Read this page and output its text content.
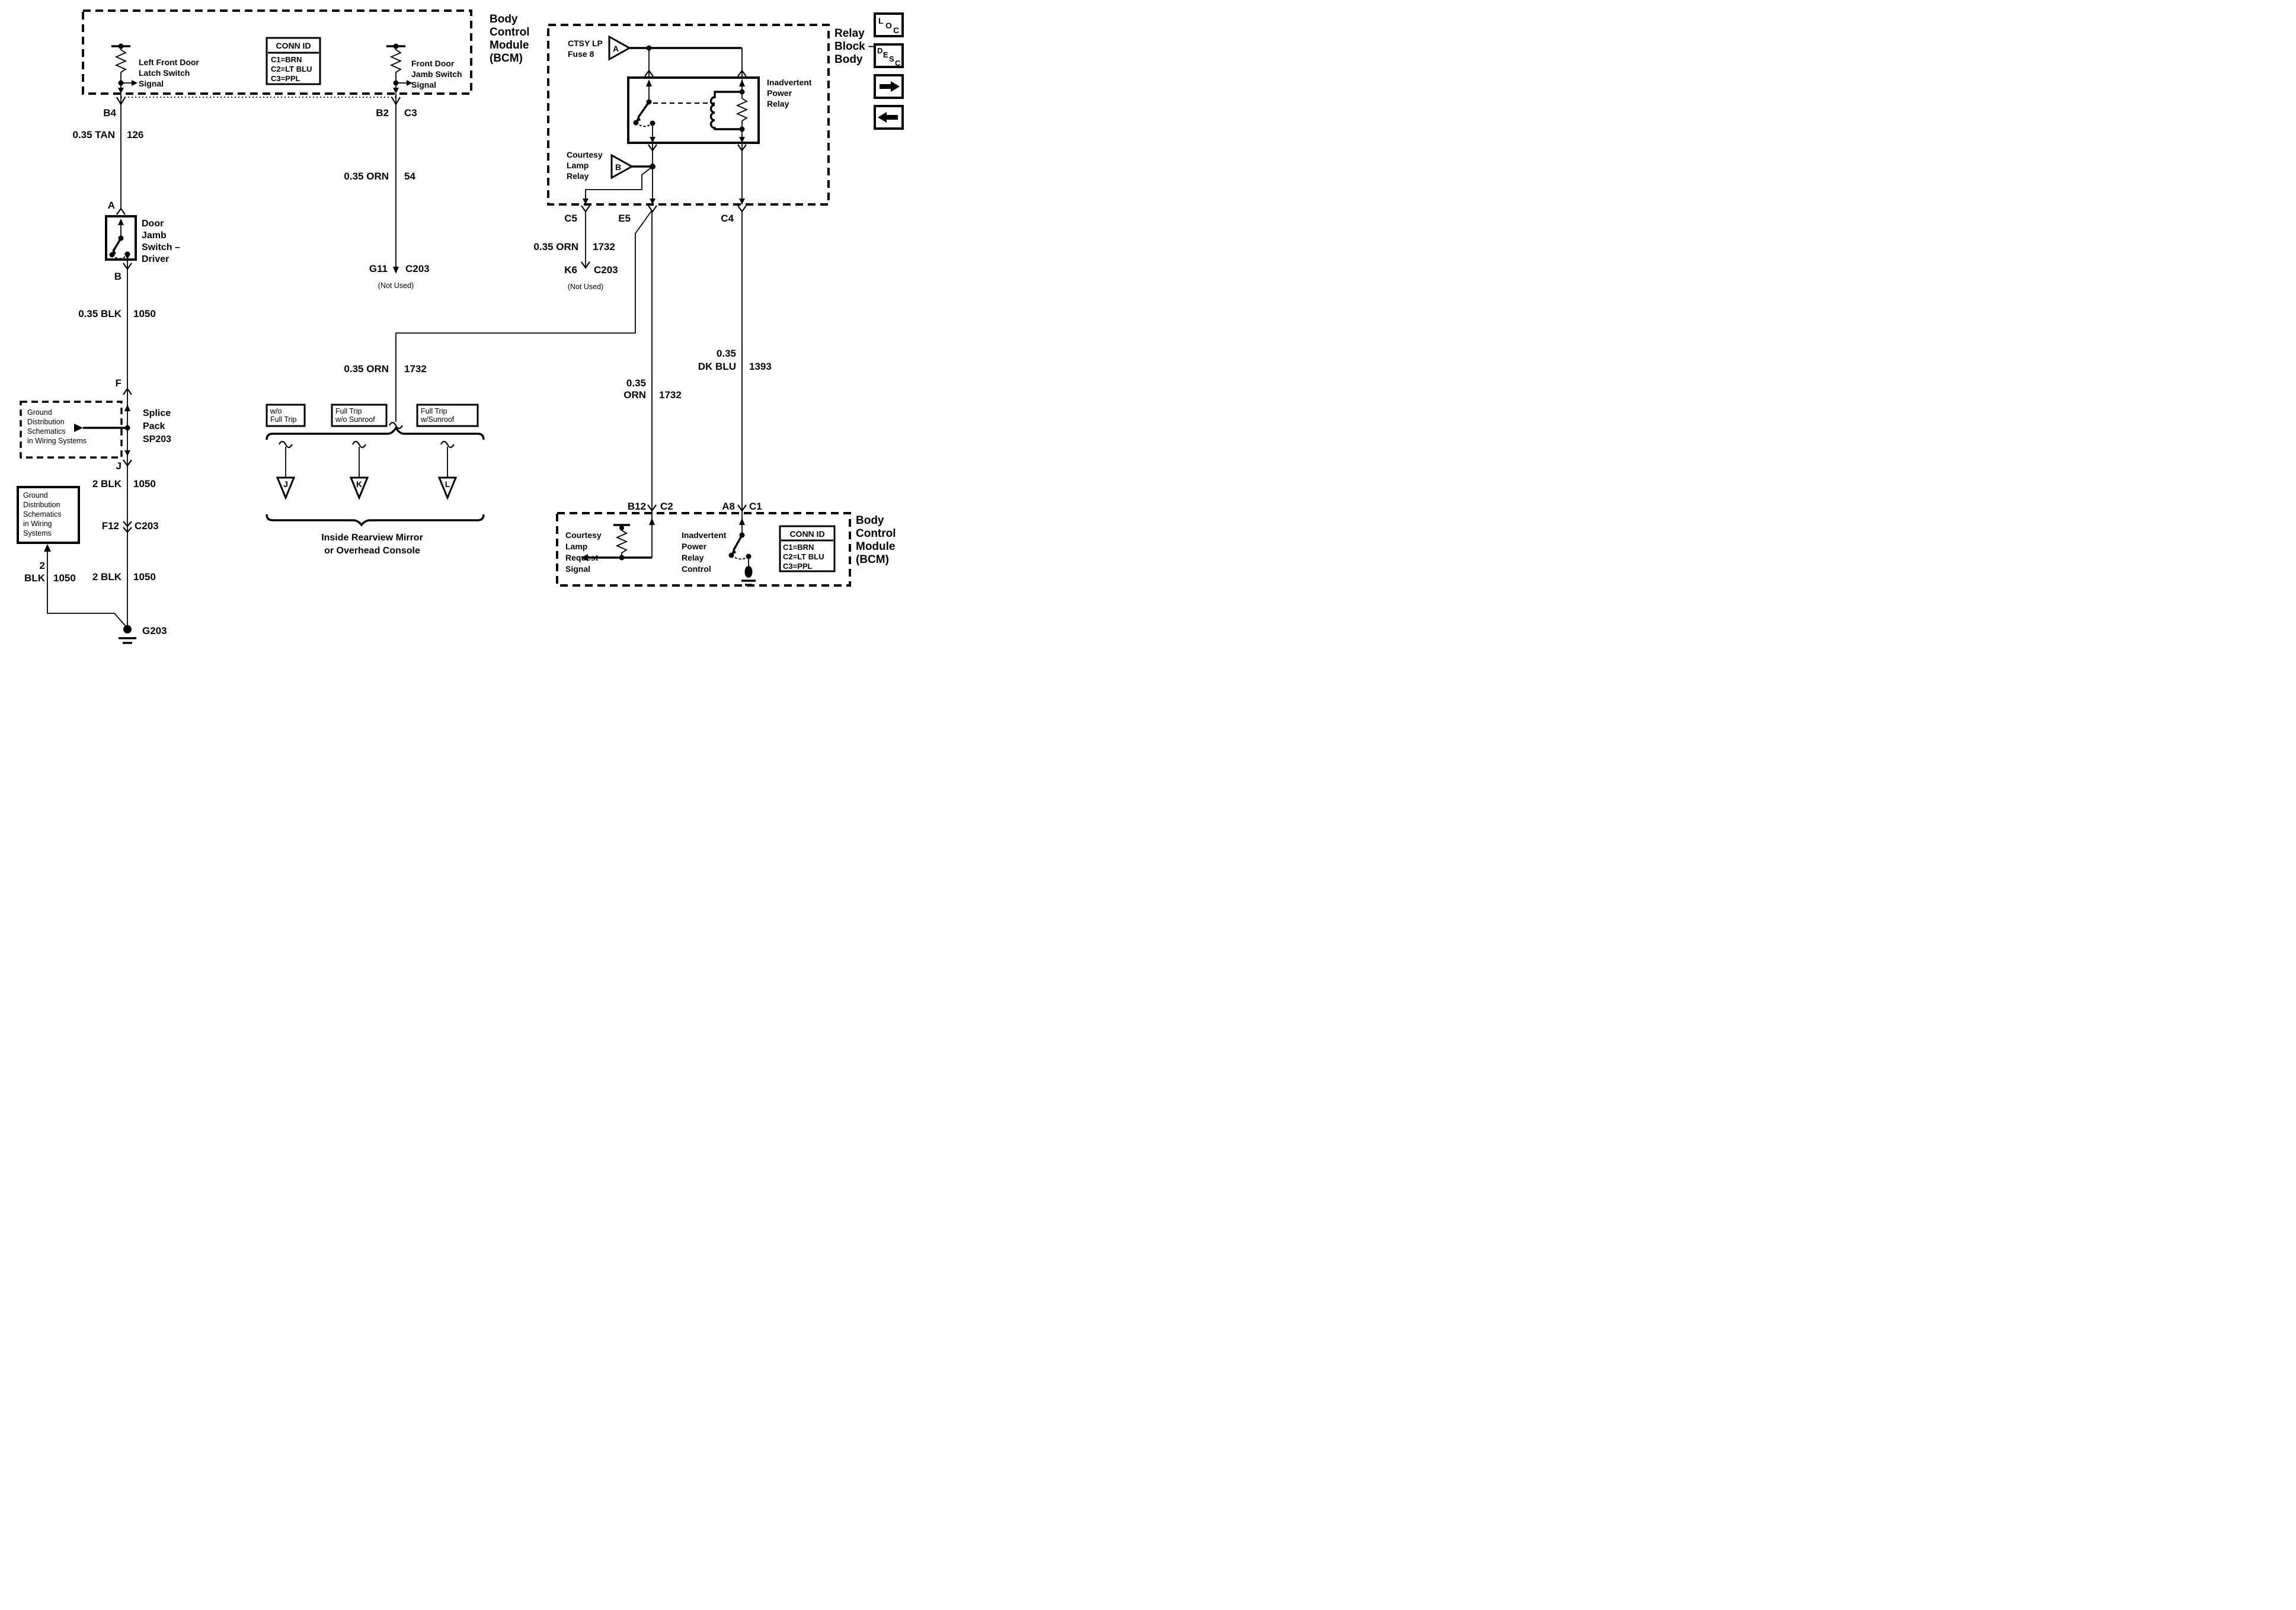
Body
Control
Module
(BCM)
Left Front Door
Latch Switch
Signal
Front Door
Jamb Switch
Signal
CONN ID
C1=BRN
C2=LT BLU
C3=PPL
B4
0.35 TAN 126
A
Door
Jamb
Switch –
Driver
B
0.35 BLK 1050
F
Ground
Distribution
Schematics
in Wiring Systems
Splice
Pack
SP203
J
2 BLK 1050
F12 C203
Ground
Distribution
Schematics
in Wiring
Systems
2
BLK 1050 2 BLK 1050
G203
B2 C3
0.35 ORN 54
G11 C203
(Not Used)
0.35 ORN 1732
w/o
Full Trip
Full Trip
w/o Sunroof
Full Trip
w/Sunroof
J	K	L
Inside Rearview Mirror
or Overhead Console
Relay
Block –
Body
CTSY LP
Fuse 8
A
Inadvertent
Power
Relay
Courtesy
Lamp
Relay
B
C5	E5	C4
0.35 ORN 1732
K6 C203
(Not Used)
0.35
ORN 1732
0.35
DK BLU 1393
B12 C2	A8 C1
Body
Control
Module
(BCM)
Courtesy
Lamp
Request
Signal
Inadvertent
Power
Relay
Control
CONN ID
C1=BRN
C2=LT BLU
C3=PPL
L O C
D E S C
